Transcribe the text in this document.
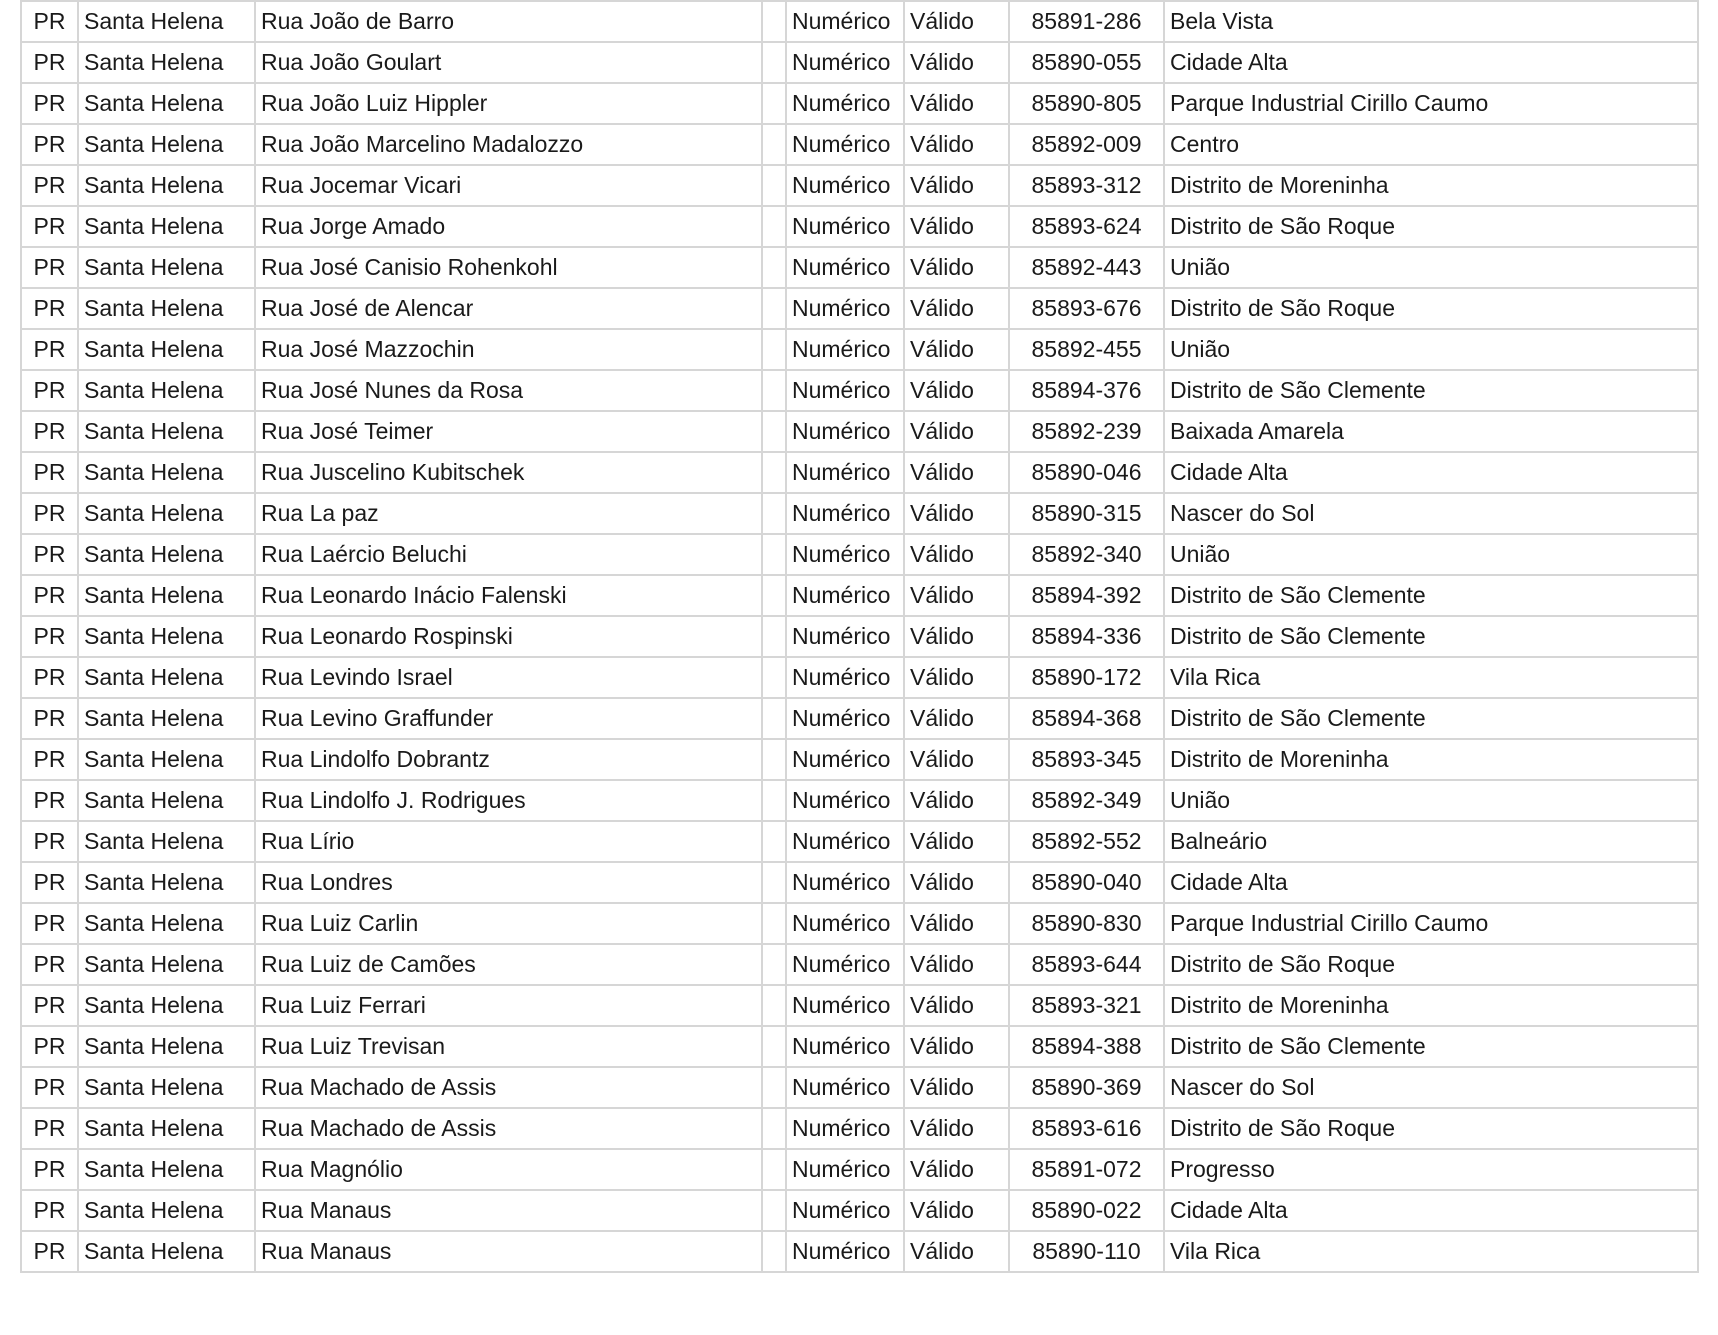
PR	Santa Helena	Rua João de Barro		Numérico	Válido	85891-286	Bela Vista
PR	Santa Helena	Rua João Goulart		Numérico	Válido	85890-055	Cidade Alta
PR	Santa Helena	Rua João Luiz Hippler		Numérico	Válido	85890-805	Parque Industrial Cirillo Caumo
PR	Santa Helena	Rua João Marcelino Madalozzo		Numérico	Válido	85892-009	Centro
PR	Santa Helena	Rua Jocemar Vicari		Numérico	Válido	85893-312	Distrito de Moreninha
PR	Santa Helena	Rua Jorge Amado		Numérico	Válido	85893-624	Distrito de São Roque
PR	Santa Helena	Rua José Canisio Rohenkohl		Numérico	Válido	85892-443	União
PR	Santa Helena	Rua José de Alencar		Numérico	Válido	85893-676	Distrito de São Roque
PR	Santa Helena	Rua José Mazzochin		Numérico	Válido	85892-455	União
PR	Santa Helena	Rua José Nunes da Rosa		Numérico	Válido	85894-376	Distrito de São Clemente
PR	Santa Helena	Rua José Teimer		Numérico	Válido	85892-239	Baixada Amarela
PR	Santa Helena	Rua Juscelino Kubitschek		Numérico	Válido	85890-046	Cidade Alta
PR	Santa Helena	Rua La paz		Numérico	Válido	85890-315	Nascer do Sol
PR	Santa Helena	Rua Laércio Beluchi		Numérico	Válido	85892-340	União
PR	Santa Helena	Rua Leonardo Inácio Falenski		Numérico	Válido	85894-392	Distrito de São Clemente
PR	Santa Helena	Rua Leonardo Rospinski		Numérico	Válido	85894-336	Distrito de São Clemente
PR	Santa Helena	Rua Levindo Israel		Numérico	Válido	85890-172	Vila Rica
PR	Santa Helena	Rua Levino Graffunder		Numérico	Válido	85894-368	Distrito de São Clemente
PR	Santa Helena	Rua Lindolfo Dobrantz		Numérico	Válido	85893-345	Distrito de Moreninha
PR	Santa Helena	Rua Lindolfo J. Rodrigues		Numérico	Válido	85892-349	União
PR	Santa Helena	Rua Lírio		Numérico	Válido	85892-552	Balneário
PR	Santa Helena	Rua Londres		Numérico	Válido	85890-040	Cidade Alta
PR	Santa Helena	Rua Luiz Carlin		Numérico	Válido	85890-830	Parque Industrial Cirillo Caumo
PR	Santa Helena	Rua Luiz de Camões		Numérico	Válido	85893-644	Distrito de São Roque
PR	Santa Helena	Rua Luiz Ferrari		Numérico	Válido	85893-321	Distrito de Moreninha
PR	Santa Helena	Rua Luiz Trevisan		Numérico	Válido	85894-388	Distrito de São Clemente
PR	Santa Helena	Rua Machado de Assis		Numérico	Válido	85890-369	Nascer do Sol
PR	Santa Helena	Rua Machado de Assis		Numérico	Válido	85893-616	Distrito de São Roque
PR	Santa Helena	Rua Magnólio		Numérico	Válido	85891-072	Progresso
PR	Santa Helena	Rua Manaus		Numérico	Válido	85890-022	Cidade Alta
PR	Santa Helena	Rua Manaus		Numérico	Válido	85890-110	Vila Rica
